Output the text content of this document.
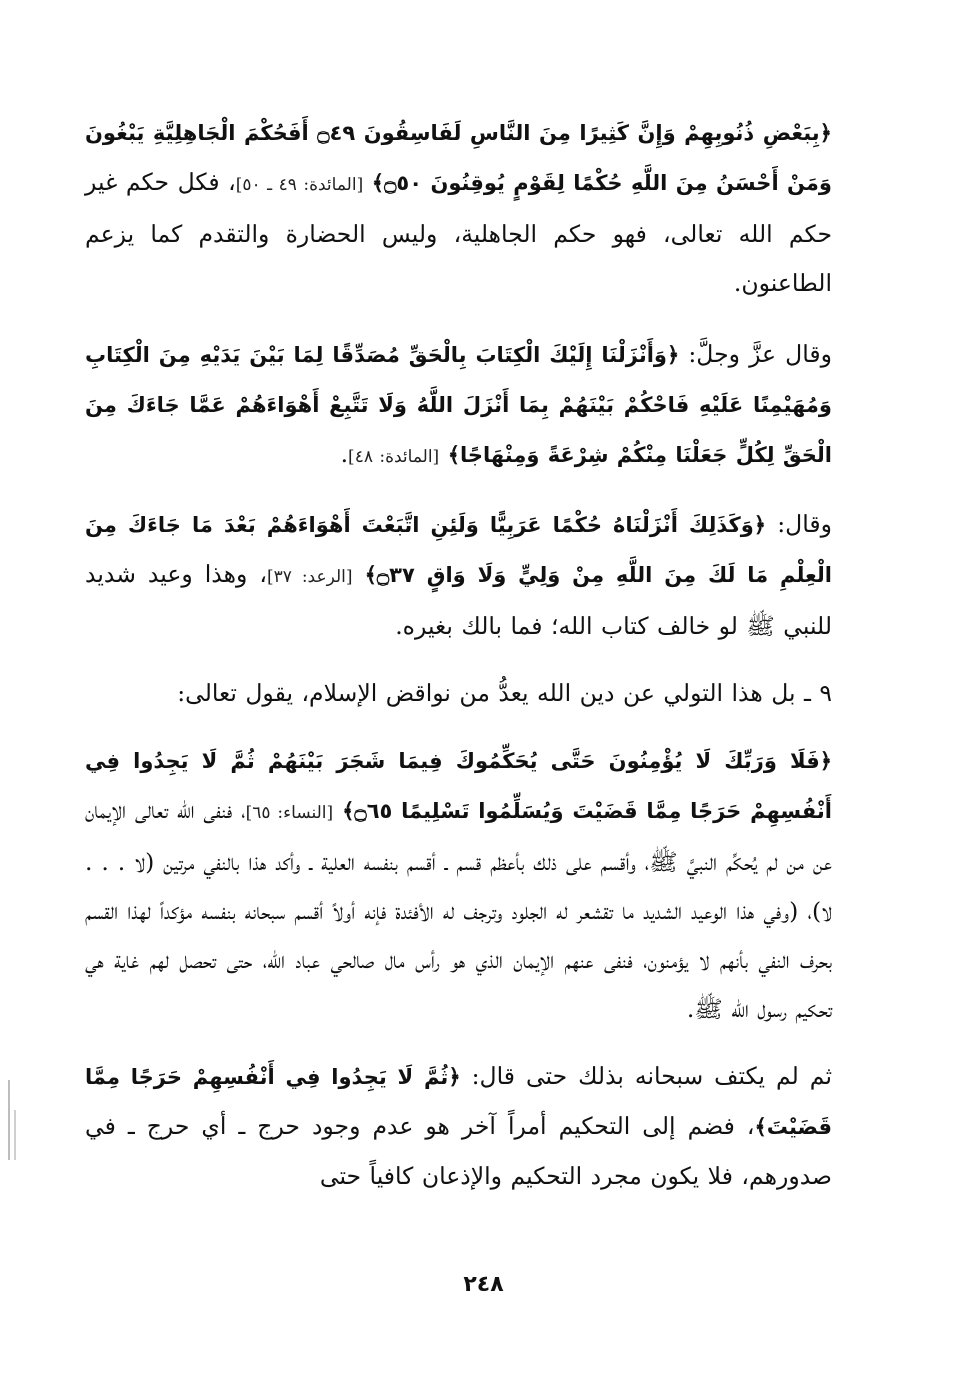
﴿بِبَعْضِ ذُنُوبِهِمْ وَإِنَّ كَثِيرًا مِنَ النَّاسِ لَفَاسِقُونَ ۝٤٩ أَفَحُكْمَ الْجَاهِلِيَّةِ يَبْغُونَ وَمَنْ أَحْسَنُ مِنَ اللَّهِ حُكْمًا لِقَوْمٍ يُوقِنُونَ ۝٥٠﴾ [المائدة: ٤٩ ـ ٥٠]، فكل حكم غير حكم الله تعالى، فهو حكم الجاهلية، وليس الحضارة والتقدم كما يزعم الطاعنون.

وقال عزَّ وجلَّ: ﴿وَأَنْزَلْنَا إِلَيْكَ الْكِتَابَ بِالْحَقِّ مُصَدِّقًا لِمَا بَيْنَ يَدَيْهِ مِنَ الْكِتَابِ وَمُهَيْمِنًا عَلَيْهِ فَاحْكُمْ بَيْنَهُمْ بِمَا أَنْزَلَ اللَّهُ وَلَا تَتَّبِعْ أَهْوَاءَهُمْ عَمَّا جَاءَكَ مِنَ الْحَقِّ لِكُلٍّ جَعَلْنَا مِنْكُمْ شِرْعَةً وَمِنْهَاجًا﴾ [المائدة: ٤٨].

وقال: ﴿وَكَذَلِكَ أَنْزَلْنَاهُ حُكْمًا عَرَبِيًّا وَلَئِنِ اتَّبَعْتَ أَهْوَاءَهُمْ بَعْدَ مَا جَاءَكَ مِنَ الْعِلْمِ مَا لَكَ مِنَ اللَّهِ مِنْ وَلِيٍّ وَلَا وَاقٍ ۝٣٧﴾ [الرعد: ٣٧]، وهذا وعيد شديد للنبي ﷺ لو خالف كتاب الله؛ فما بالك بغيره.

٩ ـ بل هذا التولي عن دين الله يعدُّ من نواقض الإسلام، يقول تعالى:

﴿فَلَا وَرَبِّكَ لَا يُؤْمِنُونَ حَتَّى يُحَكِّمُوكَ فِيمَا شَجَرَ بَيْنَهُمْ ثُمَّ لَا يَجِدُوا فِي أَنْفُسِهِمْ حَرَجًا مِمَّا قَضَيْتَ وَيُسَلِّمُوا تَسْلِيمًا ۝٦٥﴾ [النساء: ٦٥]، فنفى الله تعالى الإيمان عن من لم يُحكِّم النبيَّ ﷺ، وأقسم على ذلك بأعظم قسم ـ أقسم بنفسه العلية ـ وأكد هذا بالنفي مرتين (لا . . . لا)، (وفي هذا الوعيد الشديد ما تقشعر له الجلود وترجف له الأفئدة فإنه أولاً أقسم سبحانه بنفسه مؤكداً لهذا القسم بحرف النفي بأنهم لا يؤمنون، فنفى عنهم الإيمان الذي هو رأس مال صالحي عباد الله، حتى تحصل لهم غاية هي تحكيم رسول الله ﷺ.

ثم لم يكتف سبحانه بذلك حتى قال: ﴿ثُمَّ لَا يَجِدُوا فِي أَنْفُسِهِمْ حَرَجًا مِمَّا قَضَيْتَ﴾، فضم إلى التحكيم أمراً آخر هو عدم وجود حرج ـ أي حرج ـ في صدورهم، فلا يكون مجرد التحكيم والإذعان كافياً حتى

٢٤٨
